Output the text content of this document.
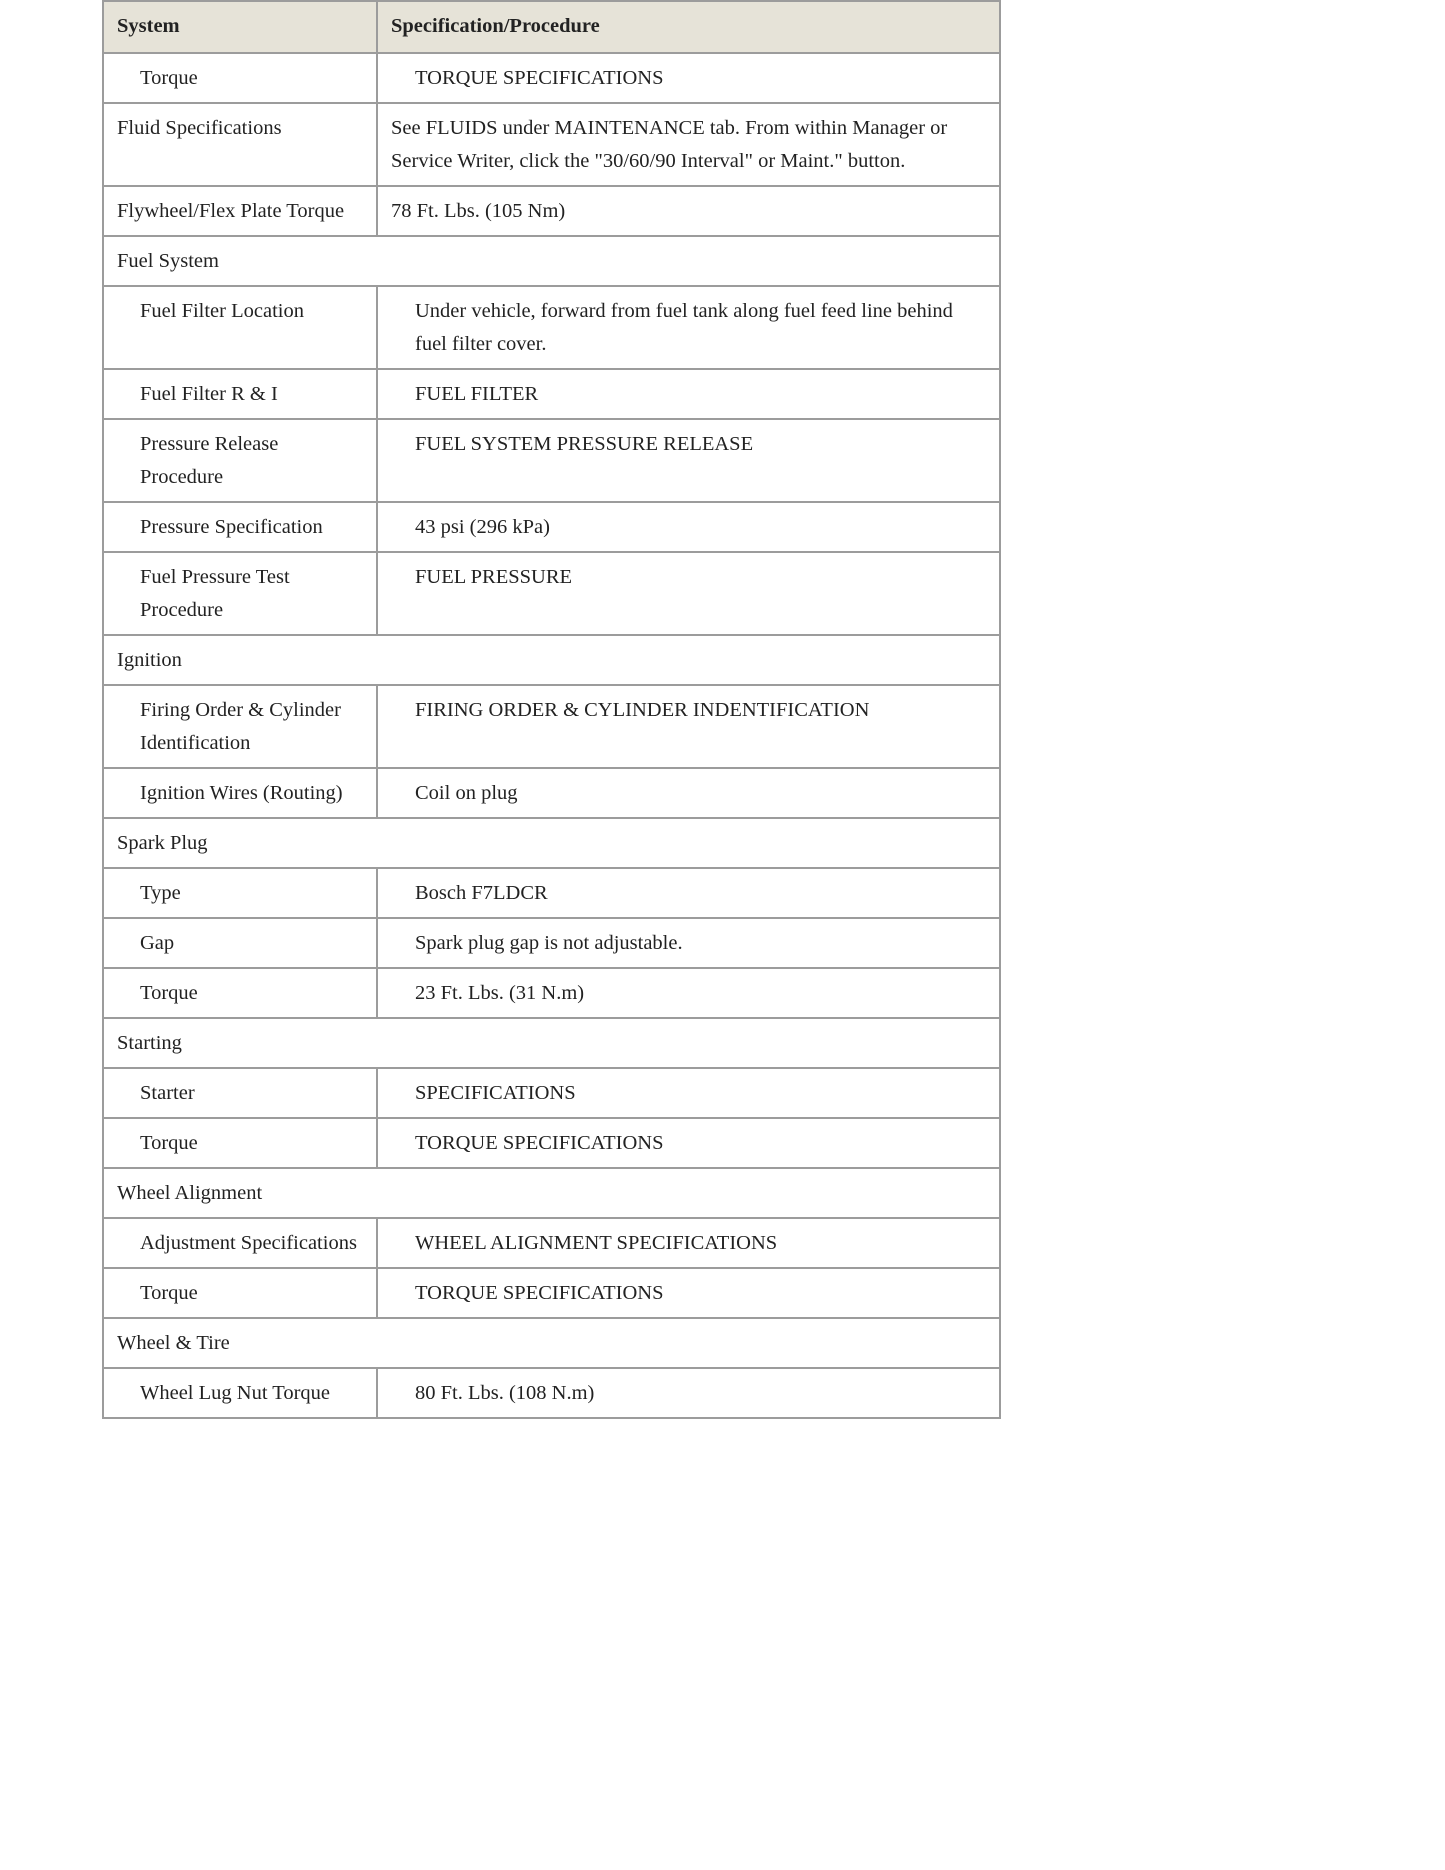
System	Specification/Procedure
Torque	TORQUE SPECIFICATIONS
Fluid Specifications	See FLUIDS under MAINTENANCE tab. From within Manager or Service Writer, click the "30/60/90 Interval" or Maint." button.
Flywheel/Flex Plate Torque	78 Ft. Lbs. (105 Nm)
Fuel System	
Fuel Filter Location	Under vehicle, forward from fuel tank along fuel feed line behind fuel filter cover.
Fuel Filter R & I	FUEL FILTER
Pressure Release Procedure	FUEL SYSTEM PRESSURE RELEASE
Pressure Specification	43 psi (296 kPa)
Fuel Pressure Test Procedure	FUEL PRESSURE
Ignition	
Firing Order & Cylinder Identification	FIRING ORDER & CYLINDER INDENTIFICATION
Ignition Wires (Routing)	Coil on plug
Spark Plug	
Type	Bosch F7LDCR
Gap	Spark plug gap is not adjustable.
Torque	23 Ft. Lbs. (31 N.m)
Starting	
Starter	SPECIFICATIONS
Torque	TORQUE SPECIFICATIONS
Wheel Alignment	
Adjustment Specifications	WHEEL ALIGNMENT SPECIFICATIONS
Torque	TORQUE SPECIFICATIONS
Wheel & Tire	
Wheel Lug Nut Torque	80 Ft. Lbs. (108 N.m)
